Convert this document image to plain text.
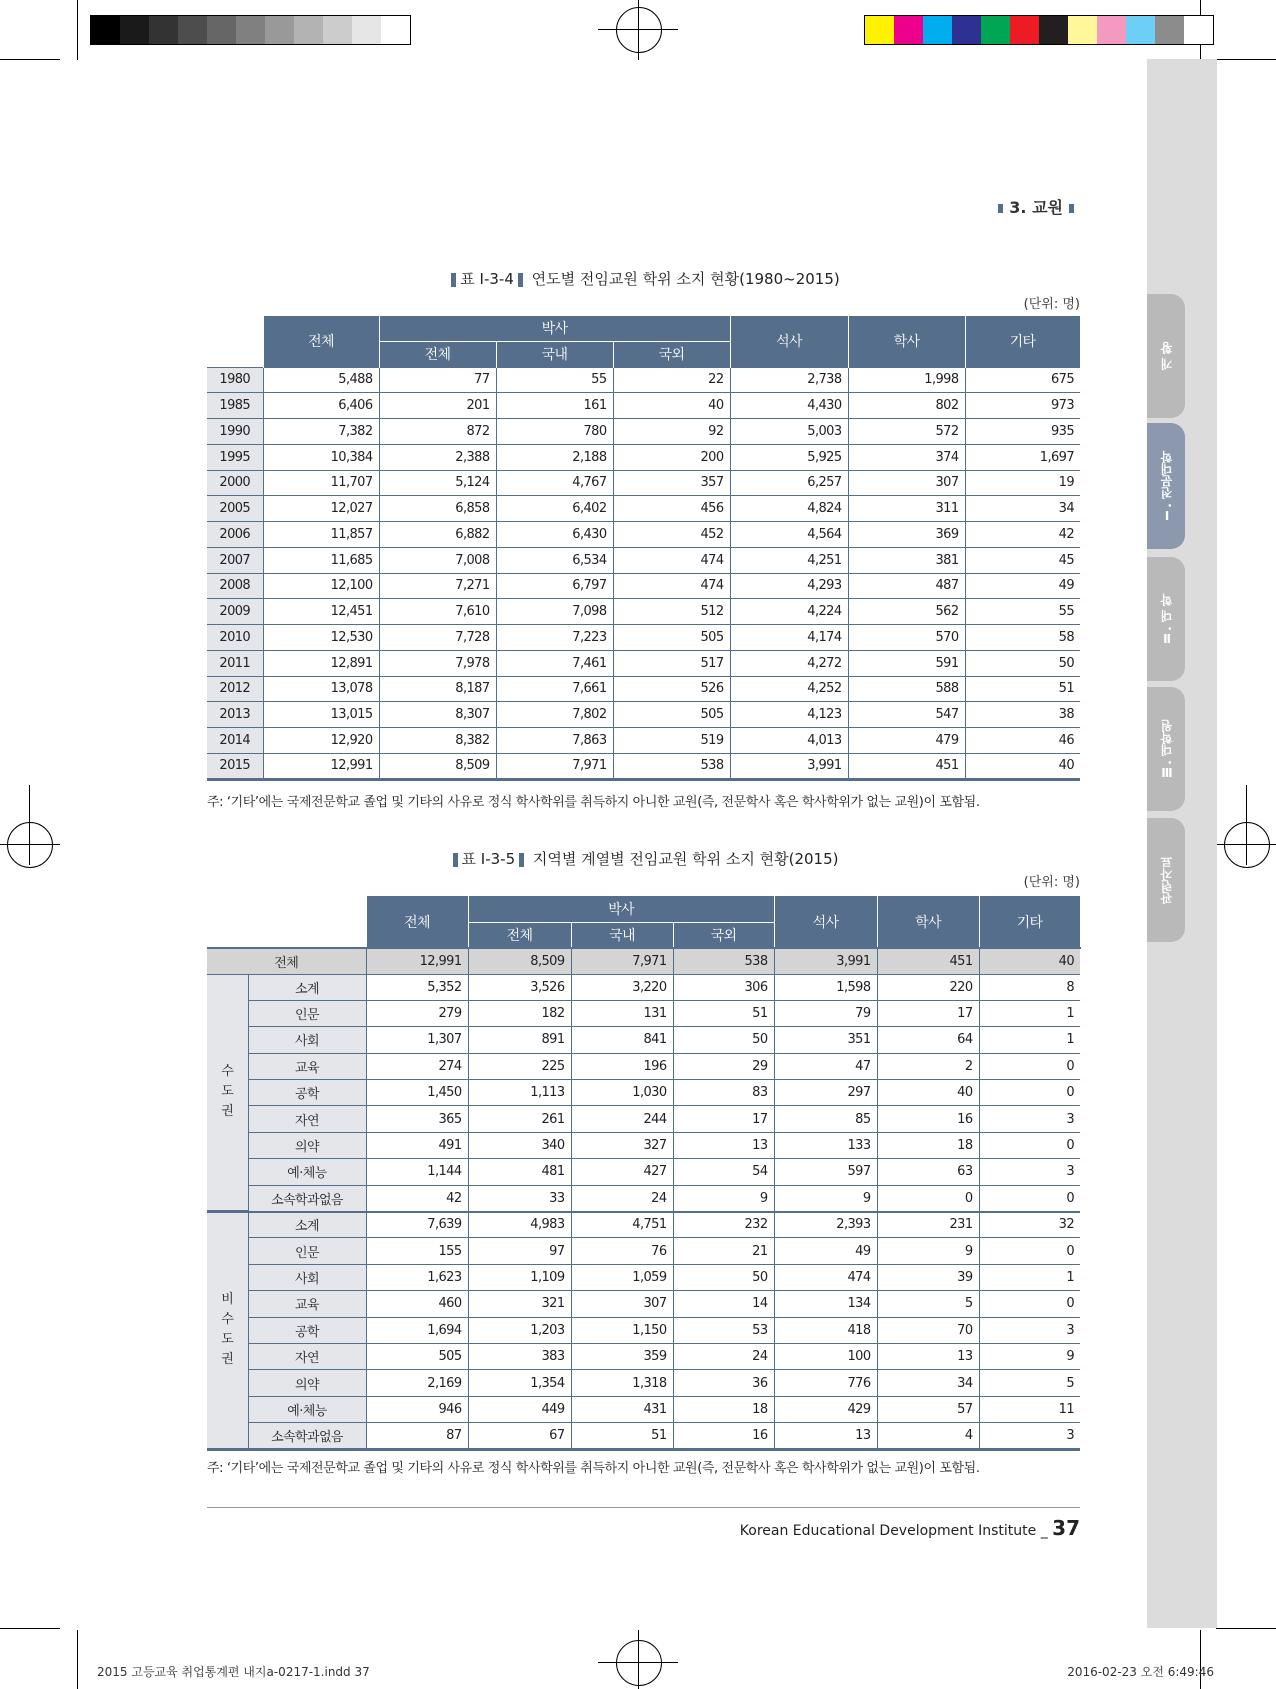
개 황
Ⅰ. 전문대학
Ⅱ. 대 학
Ⅲ. 대학원
관련자료
3. 교원
표 Ⅰ-3-4 연도별 전임교원 학위 소지 현황(1980~2015)
(단위: 명)
	전체	박사			석사	학사	기타
		전체	국내	국외			
1980	5,488	77	55	22	2,738	1,998	675
1985	6,406	201	161	40	4,430	802	973
1990	7,382	872	780	92	5,003	572	935
1995	10,384	2,388	2,188	200	5,925	374	1,697
2000	11,707	5,124	4,767	357	6,257	307	19
2005	12,027	6,858	6,402	456	4,824	311	34
2006	11,857	6,882	6,430	452	4,564	369	42
2007	11,685	7,008	6,534	474	4,251	381	45
2008	12,100	7,271	6,797	474	4,293	487	49
2009	12,451	7,610	7,098	512	4,224	562	55
2010	12,530	7,728	7,223	505	4,174	570	58
2011	12,891	7,978	7,461	517	4,272	591	50
2012	13,078	8,187	7,661	526	4,252	588	51
2013	13,015	8,307	7,802	505	4,123	547	38
2014	12,920	8,382	7,863	519	4,013	479	46
2015	12,991	8,509	7,971	538	3,991	451	40
주: ‘기타’에는 국제전문학교 졸업 및 기타의 사유로 정식 학사학위를 취득하지 아니한 교원(즉, 전문학사 혹은 학사학위가 없는 교원)이 포함됨.
표 Ⅰ-3-5 지역별 계열별 전임교원 학위 소지 현황(2015)
(단위: 명)
		전체	박사			석사	학사	기타
			전체	국내	국외			
전체		12,991	8,509	7,971	538	3,991	451	40

수
도
권	소계	5,352	3,526	3,220	306	1,598	220	8
	인문	279	182	131	51	79	17	1
	사회	1,307	891	841	50	351	64	1
	교육	274	225	196	29	47	2	0
	공학	1,450	1,113	1,030	83	297	40	0
	자연	365	261	244	17	85	16	3
	의약	491	340	327	13	133	18	0
	예·체능	1,144	481	427	54	597	63	3
	소속학과없음	42	33	24	9	9	0	0

비
수
도
권	소계	7,639	4,983	4,751	232	2,393	231	32
	인문	155	97	76	21	49	9	0
	사회	1,623	1,109	1,059	50	474	39	1
	교육	460	321	307	14	134	5	0
	공학	1,694	1,203	1,150	53	418	70	3
	자연	505	383	359	24	100	13	9
	의약	2,169	1,354	1,318	36	776	34	5
	예·체능	946	449	431	18	429	57	11
	소속학과없음	87	67	51	16	13	4	3
주: ‘기타’에는 국제전문학교 졸업 및 기타의 사유로 정식 학사학위를 취득하지 아니한 교원(즉, 전문학사 혹은 학사학위가 없는 교원)이 포함됨.
Korean Educational Development Institute _ 37
2015 고등교육 취업통계편 내지a-0217-1.indd 37	2016-02-23 오전 6:49:46
